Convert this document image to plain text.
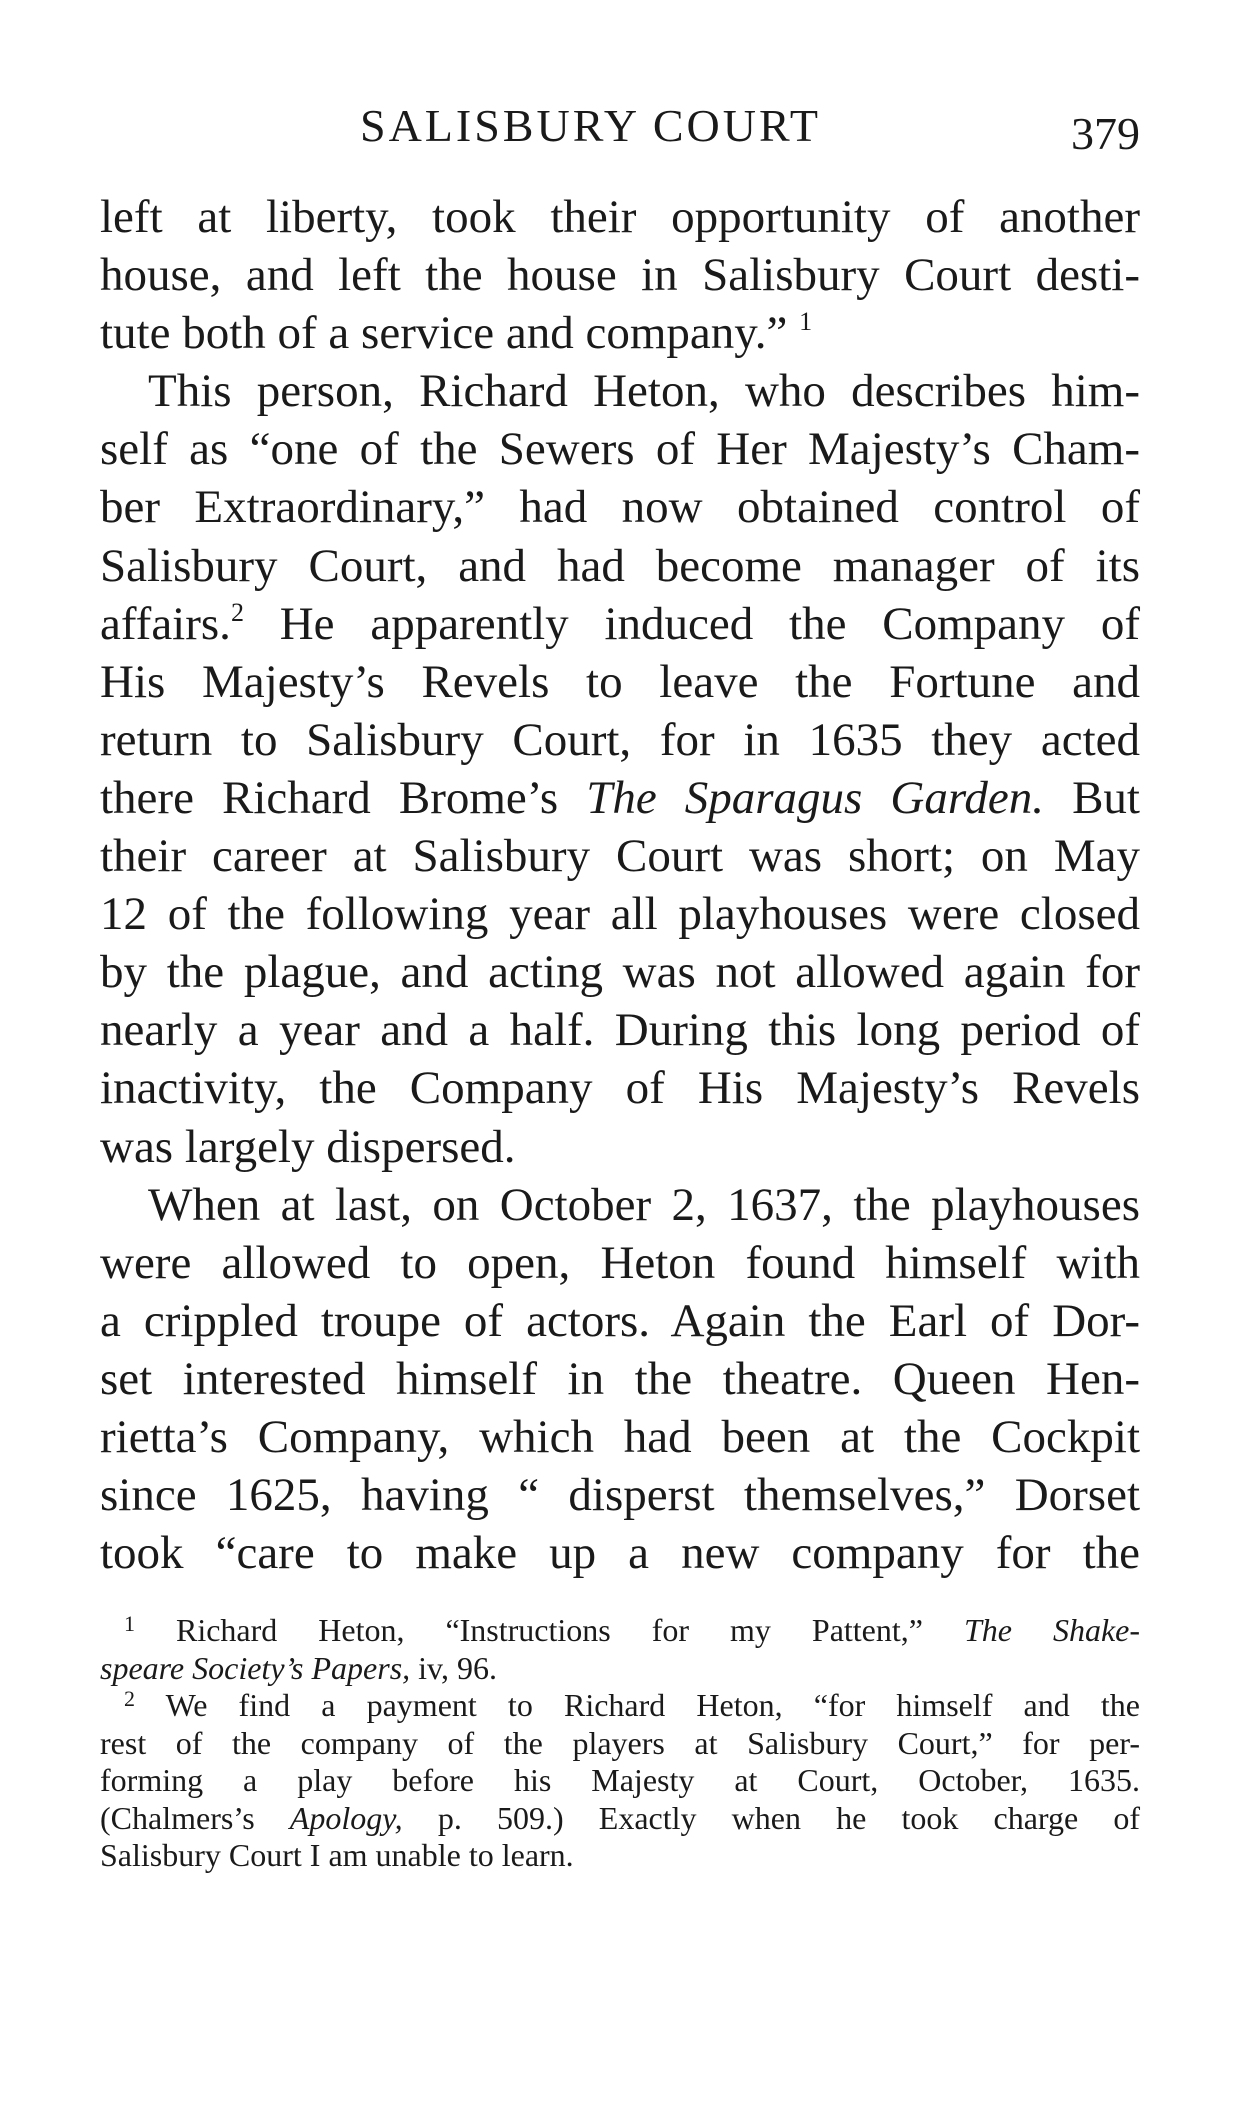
SALISBURY COURT	379
left at liberty, took their opportunity of another
house, and left the house in Salisbury Court desti-
tute both of a service and company.” $^1$
This person, Richard Heton, who describes him-
self as “one of the Sewers of Her Majesty’s Cham-
ber Extraordinary,” had now obtained control of
Salisbury Court, and had become manager of its
affairs.$^2$ He apparently induced the Company of
His Majesty’s Revels to leave the Fortune and
return to Salisbury Court, for in 1635 they acted
there Richard Brome’s The Sparagus Garden. But
their career at Salisbury Court was short; on May
12 of the following year all playhouses were closed
by the plague, and acting was not allowed again for
nearly a year and a half. During this long period of
inactivity, the Company of His Majesty’s Revels
was largely dispersed.
When at last, on October 2, 1637, the playhouses
were allowed to open, Heton found himself with
a crippled troupe of actors. Again the Earl of Dor-
set interested himself in the theatre. Queen Hen-
rietta’s Company, which had been at the Cockpit
since 1625, having “ disperst themselves,” Dorset
took “care to make up a new company for the
$^1$ Richard Heton, “Instructions for my Pattent,” The Shake-
speare Society’s Papers, iv, 96.
$^2$ We find a payment to Richard Heton, “for himself and the
rest of the company of the players at Salisbury Court,” for per-
forming a play before his Majesty at Court, October, 1635.
(Chalmers’s Apology, p. 509.) Exactly when he took charge of
Salisbury Court I am unable to learn.
